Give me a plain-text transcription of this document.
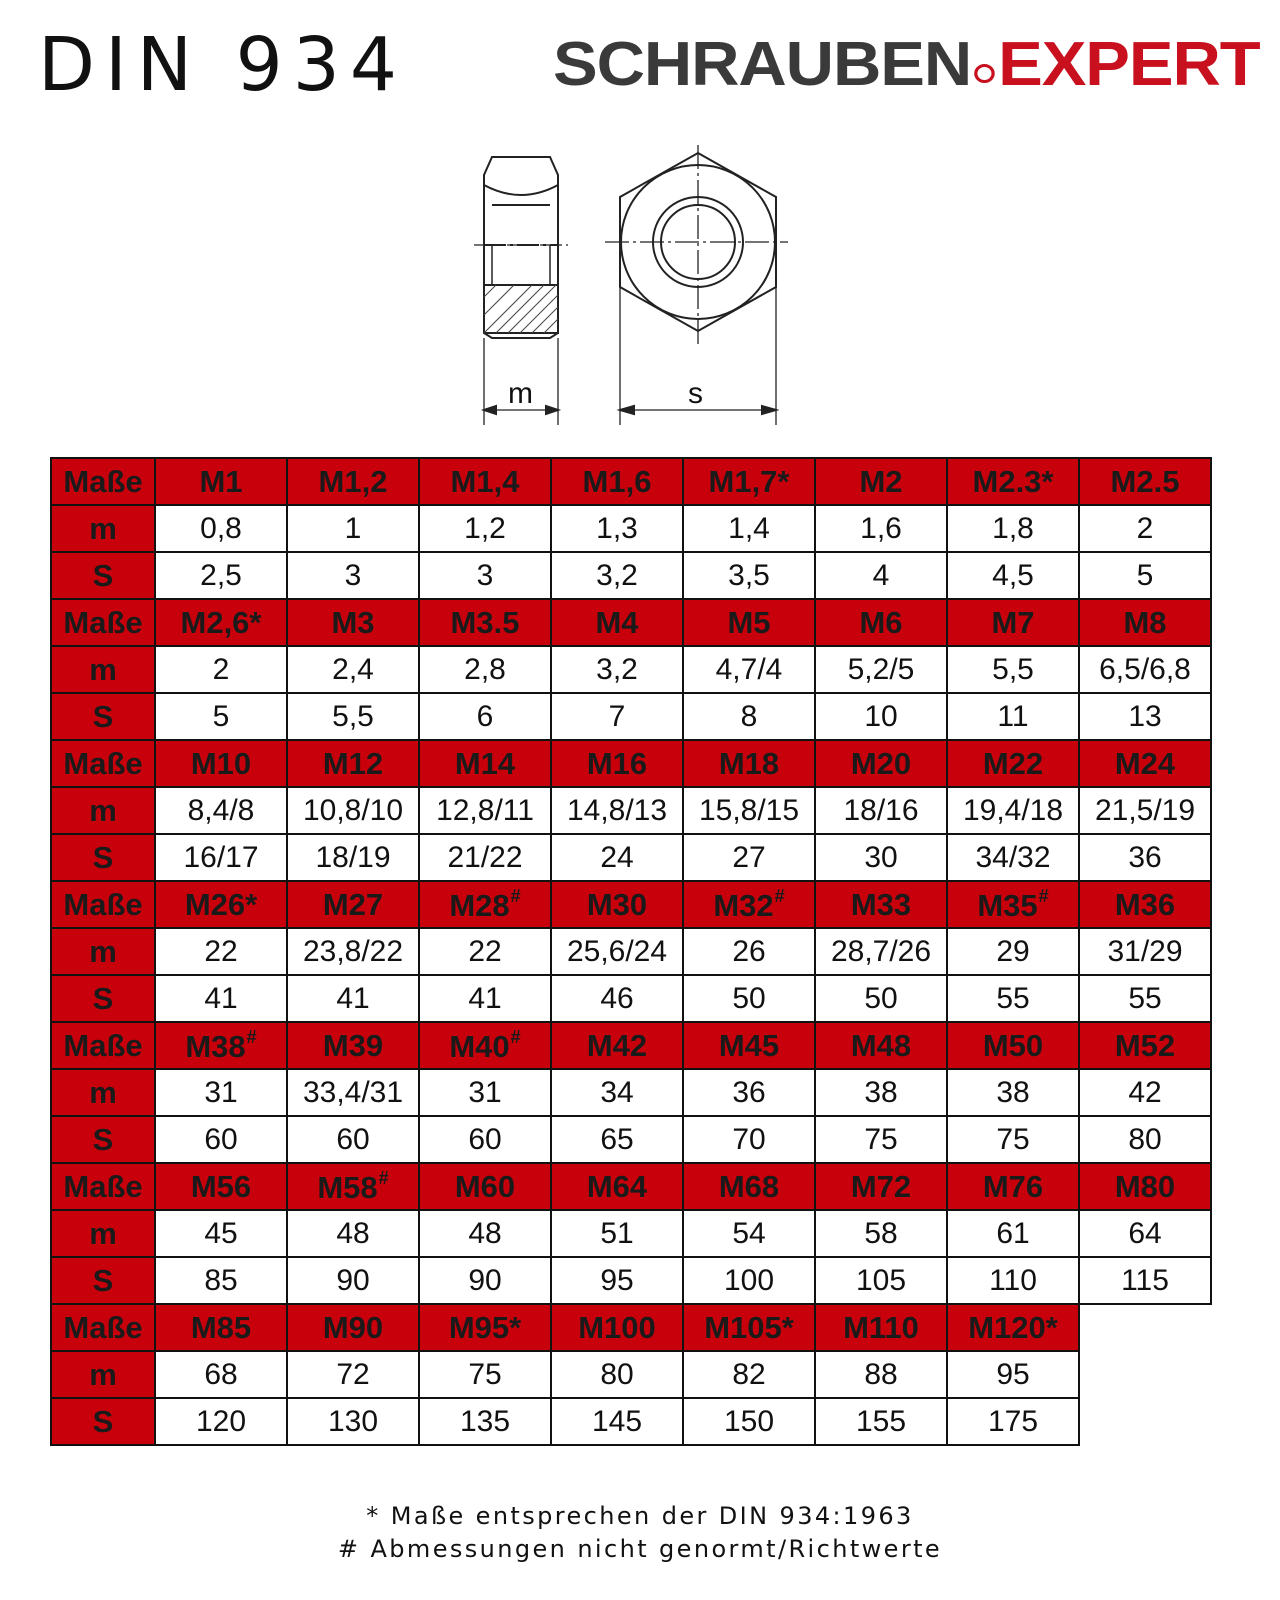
DIN 934 SCHRAUBEN EXPERT
m	s
Maße	M1	M1,2	M1,4	M1,6	M1,7*	M2	M2.3*	M2.5
m	0,8	1	1,2	1,3	1,4	1,6	1,8	2
S	2,5	3	3	3,2	3,5	4	4,5	5
Maße	M2,6*	M3	M3.5	M4	M5	M6	M7	M8
m	2	2,4	2,8	3,2	4,7/4	5,2/5	5,5	6,5/6,8
S	5	5,5	6	7	8	10	11	13
Maße	M10	M12	M14	M16	M18	M20	M22	M24
m	8,4/8	10,8/10	12,8/11	14,8/13	15,8/15	18/16	19,4/18	21,5/19
S	16/17	18/19	21/22	24	27	30	34/32	36
Maße	M26*	M27	M28#	M30	M32#	M33	M35#	M36
m	22	23,8/22	22	25,6/24	26	28,7/26	29	31/29
S	41	41	41	46	50	50	55	55
Maße	M38#	M39	M40#	M42	M45	M48	M50	M52
m	31	33,4/31	31	34	36	38	38	42
S	60	60	60	65	70	75	75	80
Maße	M56	M58#	M60	M64	M68	M72	M76	M80
m	45	48	48	51	54	58	61	64
S	85	90	90	95	100	105	110	115
Maße	M85	M90	M95*	M100	M105*	M110	M120*	
m	68	72	75	80	82	88	95	
S	120	130	135	145	150	155	175	
* Maße entsprechen der DIN 934:1963
# Abmessungen nicht genormt/Richtwerte
